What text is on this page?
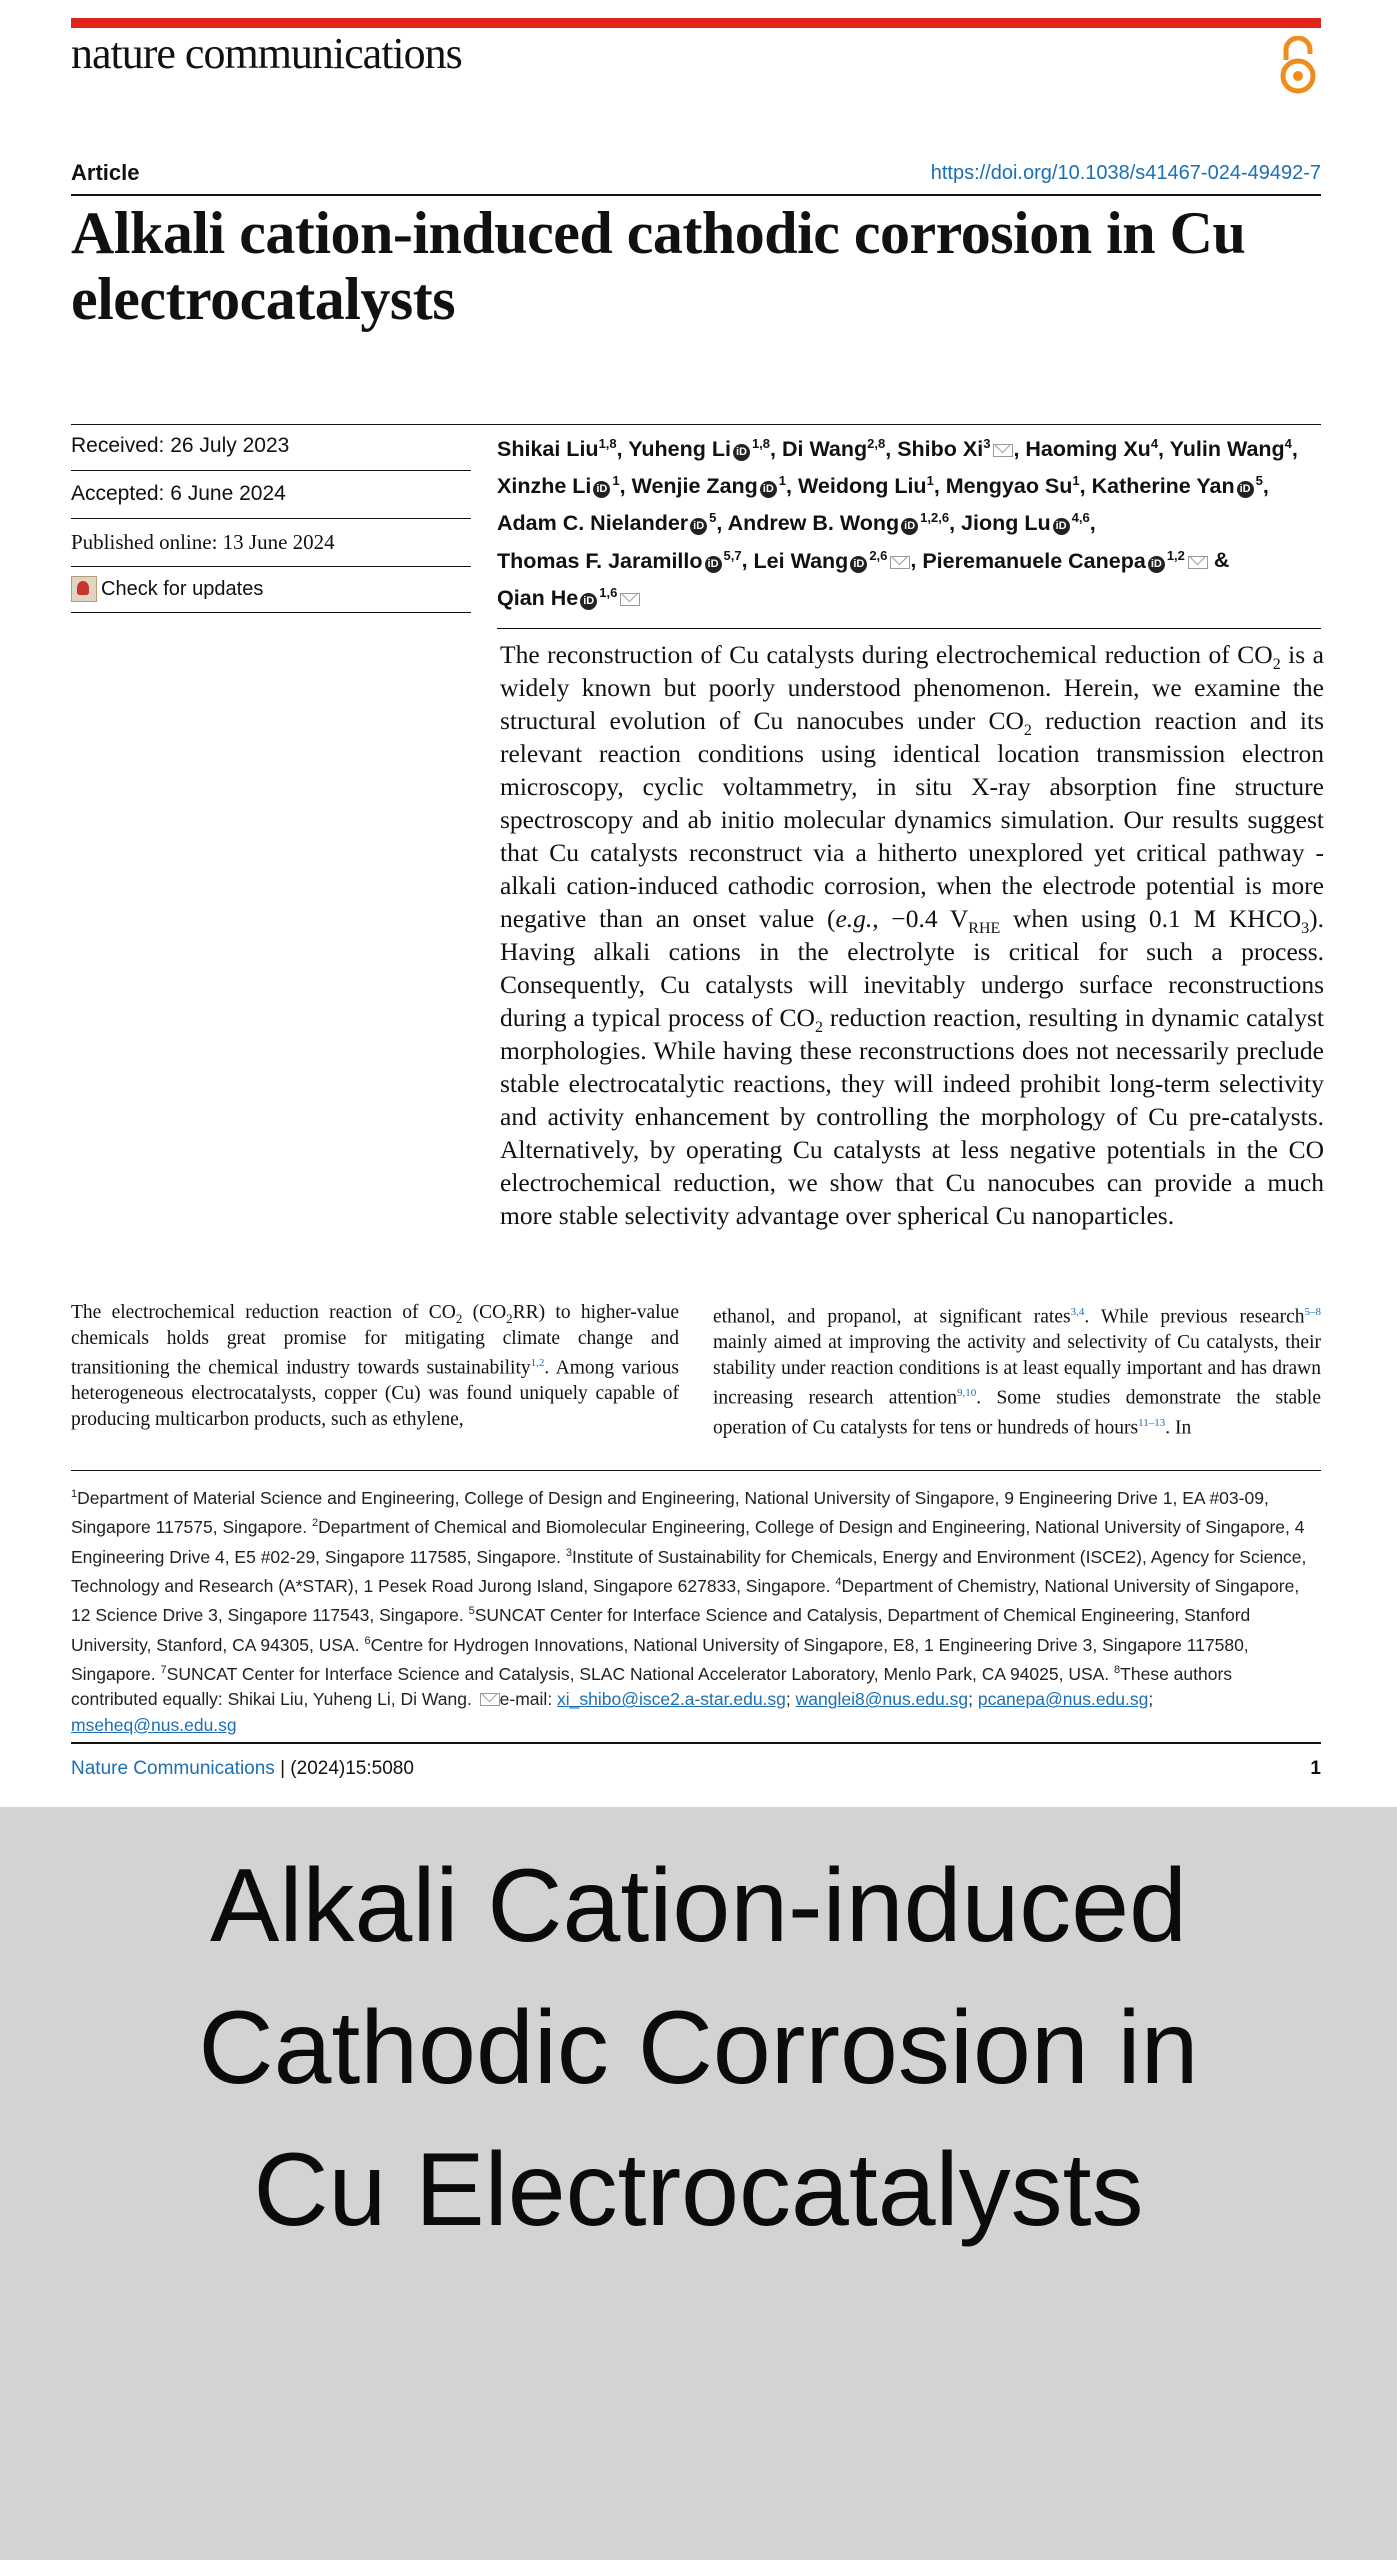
nature communications
Article	https://doi.org/10.1038/s41467-024-49492-7
Alkali cation-induced cathodic corrosion in Cu electrocatalysts
Received: 26 July 2023
Accepted: 6 June 2024
Published online: 13 June 2024
Check for updates
Shikai Liu$^{1,8}$, Yuheng Li iD$^{1,8}$, Di Wang$^{2,8}$, Shibo Xi$^3$ , Haoming Xu$^4$, Yulin Wang$^4$, Xinzhe Li $iD^1$, Wenjie Zang $iD^1$, Weidong Liu$^1$, Mengyao Su$^1$, Katherine Yan $iD^5$, Adam C. Nielander $iD^5$, Andrew B. Wong iD$^{1,2,6}$, Jiong Lu iD$^{4,6}$, Thomas F. Jaramillo iD$^{5,7}$, Lei Wang iD$^{2,6}$ , Pieremanuele Canepa iD$^{1,2}$ & Qian He iD$^{1,6}$
The reconstruction of Cu catalysts during electrochemical reduction of $CO_2$ is a widely known but poorly understood phenomenon. Herein, we examine the structural evolution of Cu nanocubes under $CO_2$ reduction reaction and its relevant reaction conditions using identical location transmission electron microscopy, cyclic voltammetry, in situ X-ray absorption fine structure spectroscopy and ab initio molecular dynamics simulation. Our results suggest that Cu catalysts reconstruct via a hitherto unexplored yet critical pathway - alkali cation-induced cathodic corrosion, when the electrode potential is more negative than an onset value (e.g., −0.4 $V_{RHE}$ when using 0.1 M $KHCO_3$). Having alkali cations in the electrolyte is critical for such a process. Consequently, Cu catalysts will inevitably undergo surface reconstructions during a typical process of $CO_2$ reduction reaction, resulting in dynamic catalyst morphologies. While having these reconstructions does not necessarily preclude stable electrocatalytic reactions, they will indeed prohibit long-term selectivity and activity enhancement by controlling the morphology of Cu pre-catalysts. Alternatively, by operating Cu catalysts at less negative potentials in the CO electrochemical reduction, we show that Cu nanocubes can provide a much more stable selectivity advantage over spherical Cu nanoparticles.
The electrochemical reduction reaction of $CO_2$ $(CO_2RR)$ to higher-value chemicals holds great promise for mitigating climate change and transitioning the chemical industry towards sustainability$^{1,2}$. Among various heterogeneous electrocatalysts, copper (Cu) was found uniquely capable of producing multicarbon products, such as ethylene,
ethanol, and propanol, at significant rates$^{3,4}$. While previous research$^{5-8}$ mainly aimed at improving the activity and selectivity of Cu catalysts, their stability under reaction conditions is at least equally important and has drawn increasing research attention$^{9,10}$. Some studies demonstrate the stable operation of Cu catalysts for tens or hundreds of hours$^{11-13}$. In
$^1$Department of Material Science and Engineering, College of Design and Engineering, National University of Singapore, 9 Engineering Drive 1, EA #03-09, Singapore 117575, Singapore. $^2$Department of Chemical and Biomolecular Engineering, College of Design and Engineering, National University of Singapore, 4 Engineering Drive 4, E5 #02-29, Singapore 117585, Singapore. $^3$Institute of Sustainability for Chemicals, Energy and Environment (ISCE2), Agency for Science, Technology and Research (A*STAR), 1 Pesek Road Jurong Island, Singapore 627833, Singapore. $^4$Department of Chemistry, National University of Singapore, 12 Science Drive 3, Singapore 117543, Singapore. $^5$SUNCAT Center for Interface Science and Catalysis, Department of Chemical Engineering, Stanford University, Stanford, CA 94305, USA. $^6$Centre for Hydrogen Innovations, National University of Singapore, E8, 1 Engineering Drive 3, Singapore 117580, Singapore. $^7$SUNCAT Center for Interface Science and Catalysis, SLAC National Accelerator Laboratory, Menlo Park, CA 94025, USA. $^8$These authors contributed equally: Shikai Liu, Yuheng Li, Di Wang. e-mail: xi_shibo@isce2.a-star.edu.sg; wanglei8@nus.edu.sg; pcanepa@nus.edu.sg; mseheq@nus.edu.sg
Nature Communications | (2024)15:5080	1
Alkali Cation-induced
Cathodic Corrosion in
Cu Electrocatalysts
